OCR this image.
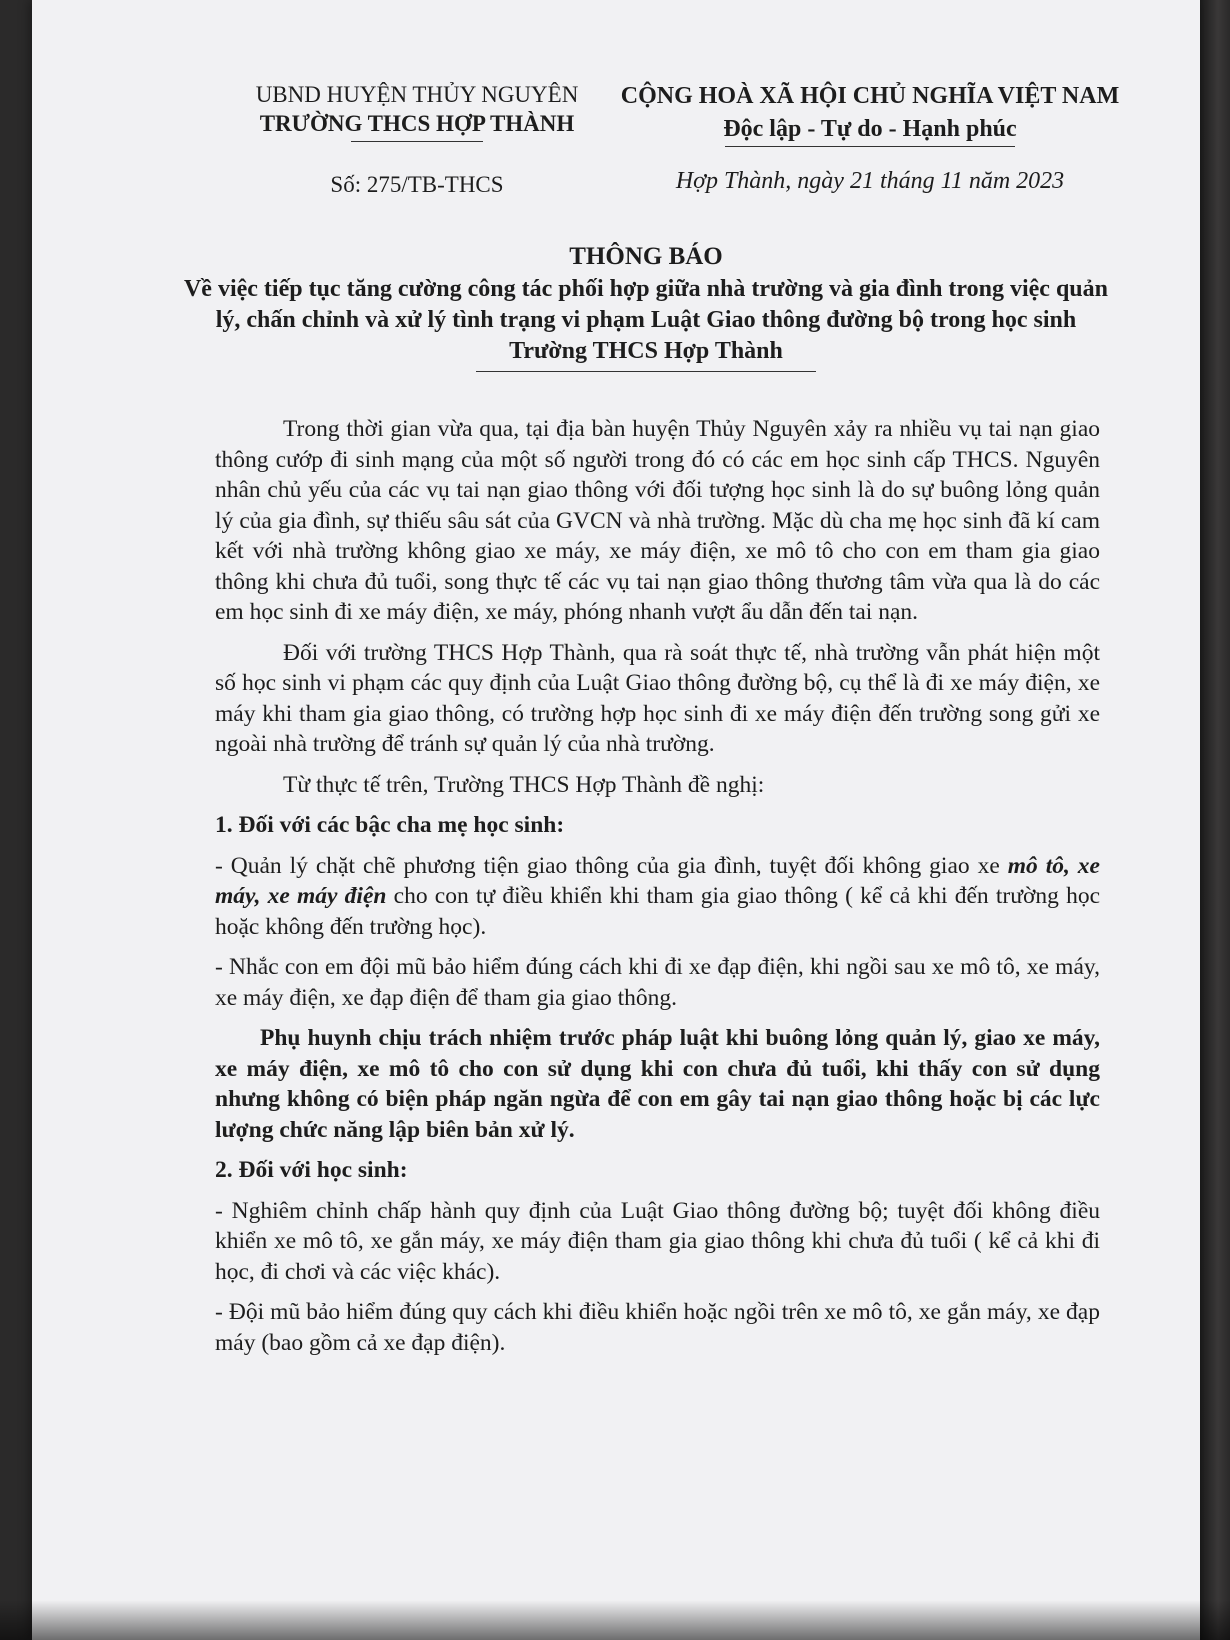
UBND HUYỆN THỦY NGUYÊN
TRƯỜNG THCS HỢP THÀNH
Số: 275/TB-THCS
CỘNG HOÀ XÃ HỘI CHỦ NGHĨA VIỆT NAM
Độc lập - Tự do - Hạnh phúc
Hợp Thành, ngày 21 tháng 11 năm 2023
THÔNG BÁO
Về việc tiếp tục tăng cường công tác phối hợp giữa nhà trường và gia đình trong việc quản lý, chấn chỉnh và xử lý tình trạng vi phạm Luật Giao thông đường bộ trong học sinh Trường THCS Hợp Thành

Trong thời gian vừa qua, tại địa bàn huyện Thủy Nguyên xảy ra nhiều vụ tai nạn giao thông cướp đi sinh mạng của một số người trong đó có các em học sinh cấp THCS. Nguyên nhân chủ yếu của các vụ tai nạn giao thông với đối tượng học sinh là do sự buông lỏng quản lý của gia đình, sự thiếu sâu sát của GVCN và nhà trường. Mặc dù cha mẹ học sinh đã kí cam kết với nhà trường không giao xe máy, xe máy điện, xe mô tô cho con em tham gia giao thông khi chưa đủ tuổi, song thực tế các vụ tai nạn giao thông thương tâm vừa qua là do các em học sinh đi xe máy điện, xe máy, phóng nhanh vượt ẩu dẫn đến tai nạn.

Đối với trường THCS Hợp Thành, qua rà soát thực tế, nhà trường vẫn phát hiện một số học sinh vi phạm các quy định của Luật Giao thông đường bộ, cụ thể là đi xe máy điện, xe máy khi tham gia giao thông, có trường hợp học sinh đi xe máy điện đến trường song gửi xe ngoài nhà trường để tránh sự quản lý của nhà trường.

Từ thực tế trên, Trường THCS Hợp Thành đề nghị:

1. Đối với các bậc cha mẹ học sinh:

- Quản lý chặt chẽ phương tiện giao thông của gia đình, tuyệt đối không giao xe mô tô, xe máy, xe máy điện cho con tự điều khiển khi tham gia giao thông ( kể cả khi đến trường học hoặc không đến trường học).

- Nhắc con em đội mũ bảo hiểm đúng cách khi đi xe đạp điện, khi ngồi sau xe mô tô, xe máy, xe máy điện, xe đạp điện để tham gia giao thông.

Phụ huynh chịu trách nhiệm trước pháp luật khi buông lỏng quản lý, giao xe máy, xe máy điện, xe mô tô cho con sử dụng khi con chưa đủ tuổi, khi thấy con sử dụng nhưng không có biện pháp ngăn ngừa để con em gây tai nạn giao thông hoặc bị các lực lượng chức năng lập biên bản xử lý.

2. Đối với học sinh:

- Nghiêm chỉnh chấp hành quy định của Luật Giao thông đường bộ; tuyệt đối không điều khiển xe mô tô, xe gắn máy, xe máy điện tham gia giao thông khi chưa đủ tuổi ( kể cả khi đi học, đi chơi và các việc khác).

- Đội mũ bảo hiểm đúng quy cách khi điều khiển hoặc ngồi trên xe mô tô, xe gắn máy, xe đạp máy (bao gồm cả xe đạp điện).
